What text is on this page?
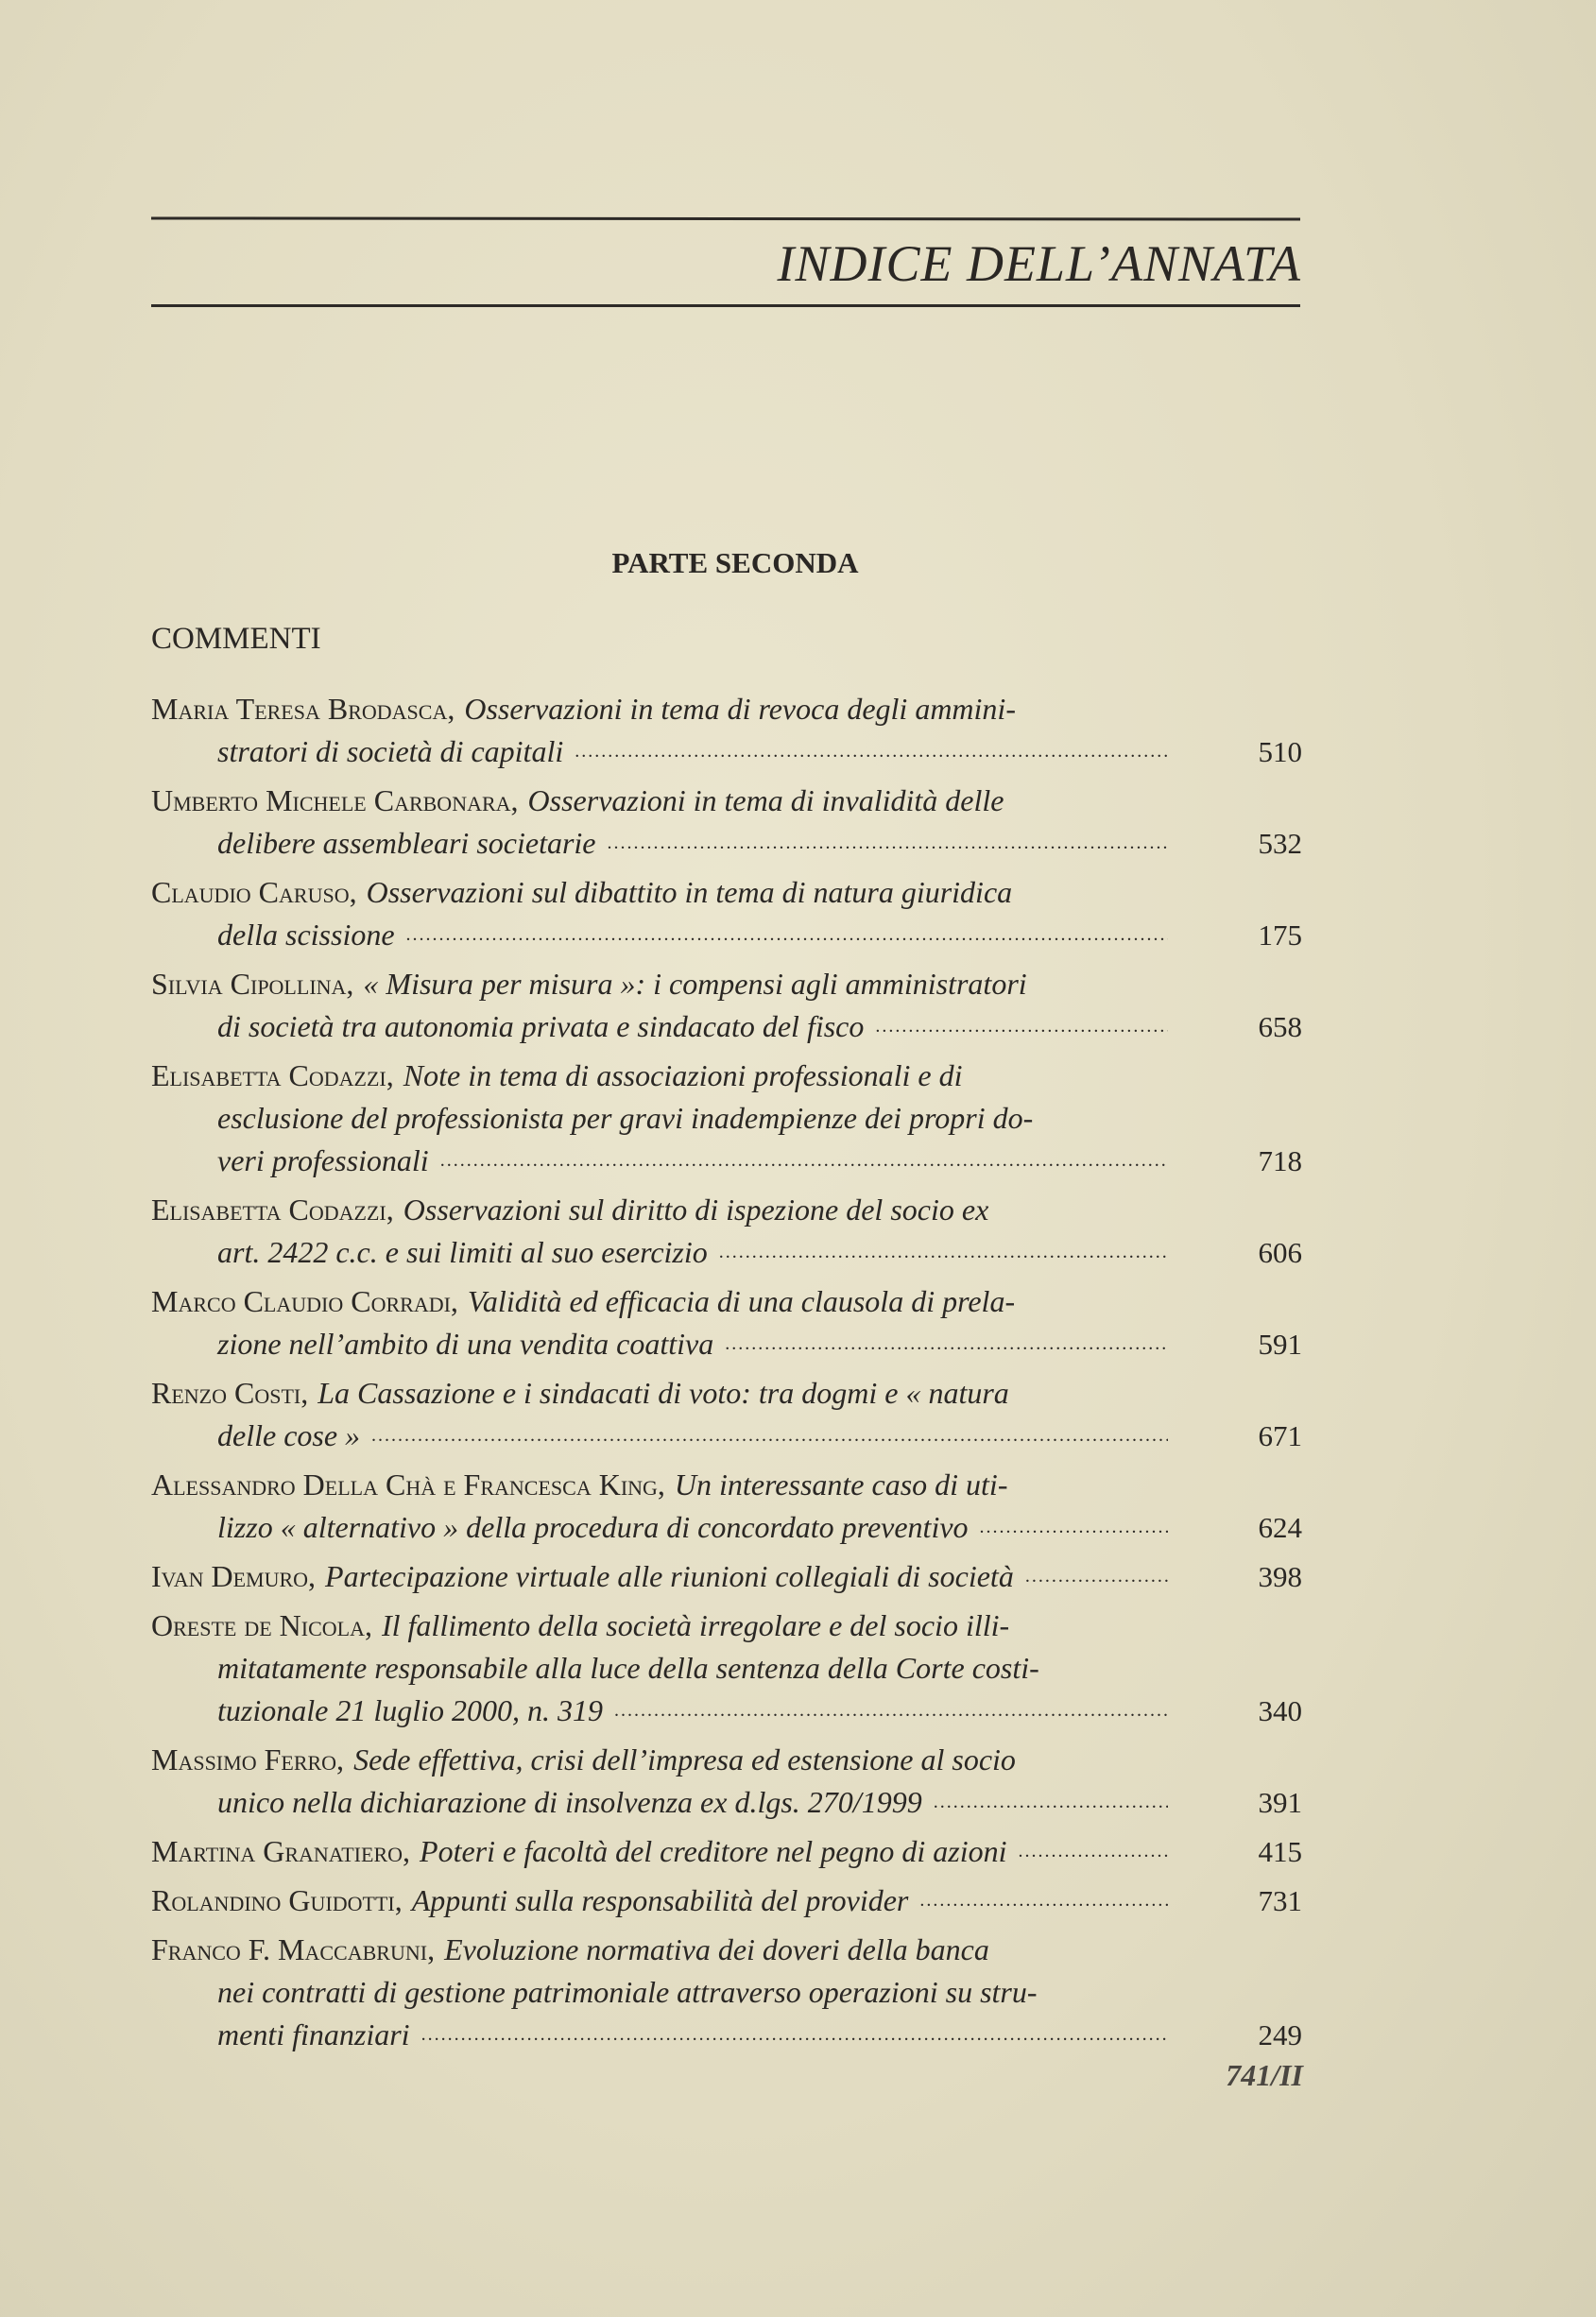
INDICE DELL’ANNATA
PARTE SECONDA
COMMENTI
Maria Teresa Brodasca, Osservazioni in tema di revoca degli ammini-
stratori di società di capitali .....	510
Umberto Michele Carbonara, Osservazioni in tema di invalidità delle
delibere assembleari societarie .....	532
Claudio Caruso, Osservazioni sul dibattito in tema di natura giuridica
della scissione .....	175
Silvia Cipollina, « Misura per misura »: i compensi agli amministratori
di società tra autonomia privata e sindacato del fisco .....	658
Elisabetta Codazzi, Note in tema di associazioni professionali e di
esclusione del professionista per gravi inadempienze dei propri do-
veri professionali .....	718
Elisabetta Codazzi, Osservazioni sul diritto di ispezione del socio ex
art. 2422 c.c. e sui limiti al suo esercizio .....	606
Marco Claudio Corradi, Validità ed efficacia di una clausola di prela-
zione nell’ambito di una vendita coattiva .....	591
Renzo Costi, La Cassazione e i sindacati di voto: tra dogmi e « natura
delle cose » .....	671
Alessandro Della Chà e Francesca King, Un interessante caso di uti-
lizzo « alternativo » della procedura di concordato preventivo .....	624
Ivan Demuro, Partecipazione virtuale alle riunioni collegiali di società .....	398
Oreste de Nicola, Il fallimento della società irregolare e del socio illi-
mitatamente responsabile alla luce della sentenza della Corte costi-
tuzionale 21 luglio 2000, n. 319 .....	340
Massimo Ferro, Sede effettiva, crisi dell’impresa ed estensione al socio
unico nella dichiarazione di insolvenza ex d.lgs. 270/1999 .....	391
Martina Granatiero, Poteri e facoltà del creditore nel pegno di azioni .....	415
Rolandino Guidotti, Appunti sulla responsabilità del provider .....	731
Franco F. Maccabruni, Evoluzione normativa dei doveri della banca
nei contratti di gestione patrimoniale attraverso operazioni su stru-
menti finanziari .....	249
741/II
